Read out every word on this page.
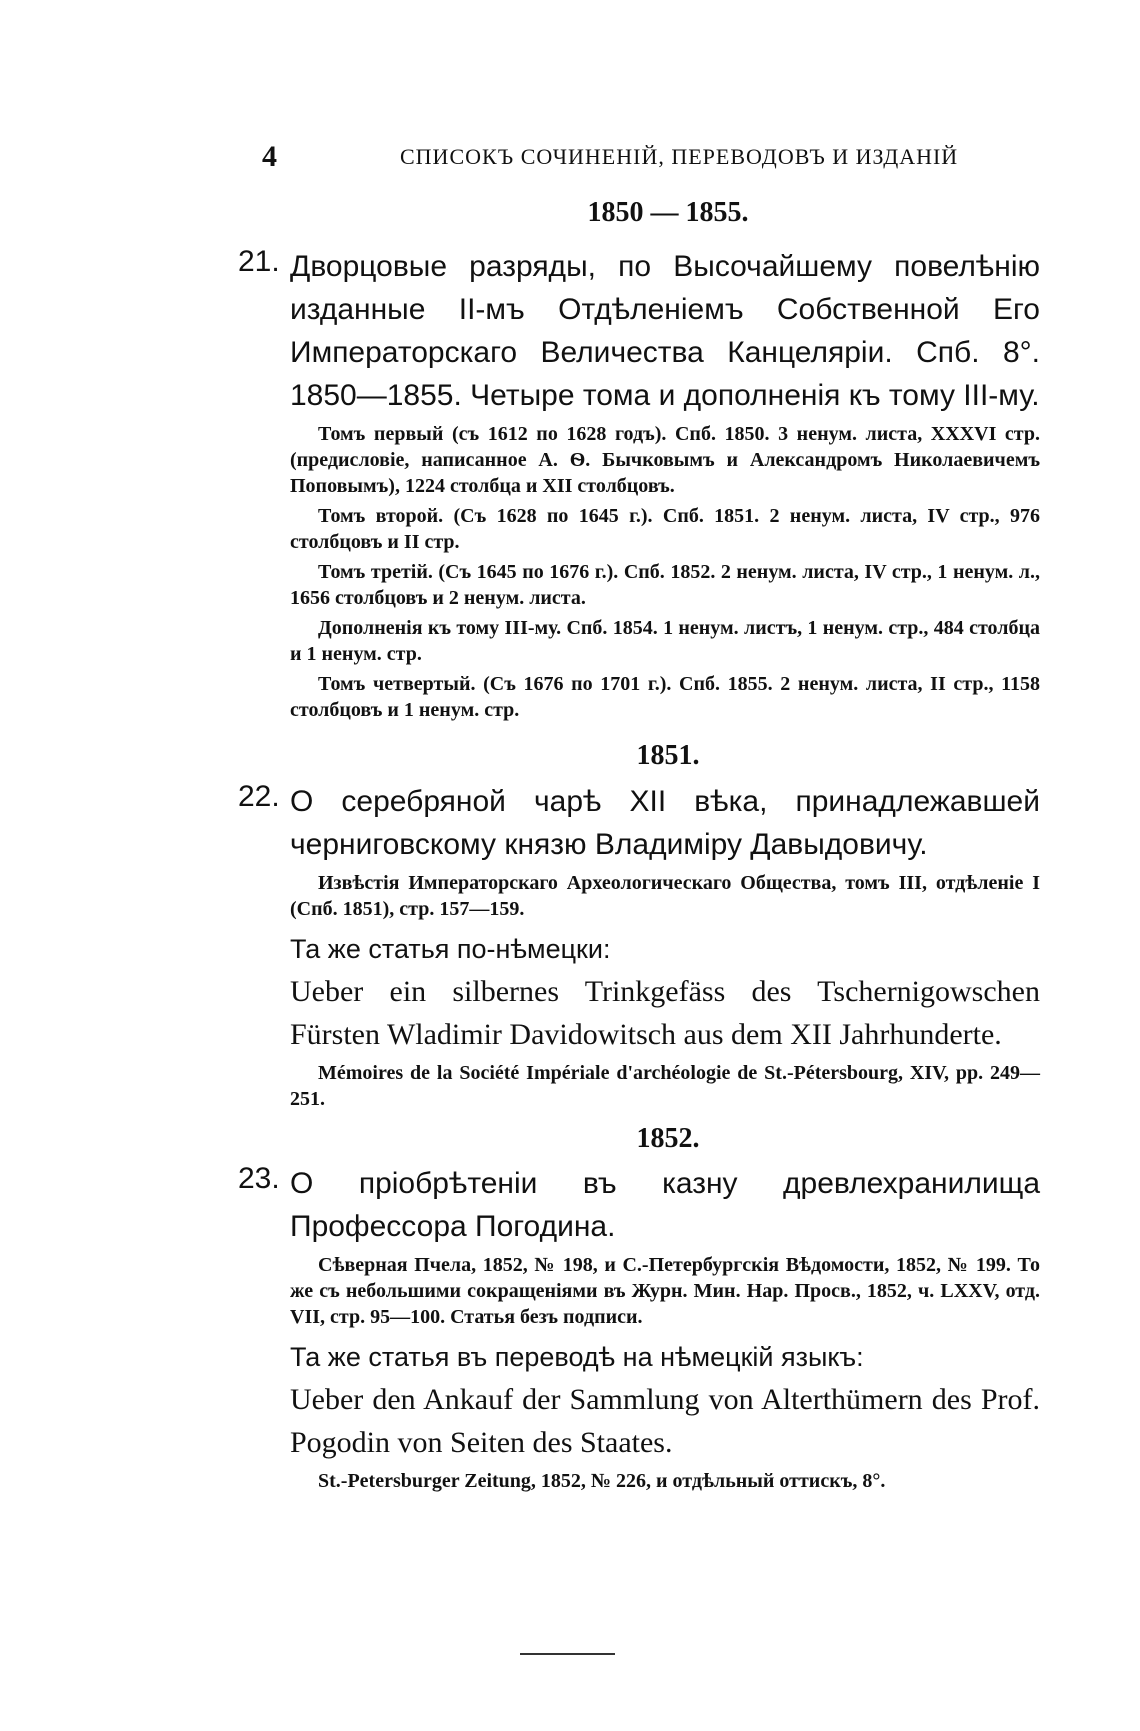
4	СПИСОКЪ СОЧИНЕНІЙ, ПЕРЕВОДОВЪ И ИЗДАНІЙ
1850 — 1855.
21. Дворцовые разряды, по Высочайшему повелѣнію изданные II-мъ Отдѣленіемъ Собственной Его Императорскаго Величества Канцеляріи. Спб. 8°. 1850—1855. Четыре тома и дополненія къ тому III-му.

Томъ первый (съ 1612 по 1628 годъ). Спб. 1850. 3 ненум. листа, XXXVI стр. (предисловіе, написанное А. Ѳ. Бычковымъ и Александромъ Николаевичемъ Поповымъ), 1224 столбца и XII столбцовъ.

Томъ второй. (Съ 1628 по 1645 г.). Спб. 1851. 2 ненум. листа, IV стр., 976 столбцовъ и II стр.

Томъ третій. (Съ 1645 по 1676 г.). Спб. 1852. 2 ненум. листа, IV стр., 1 ненум. л., 1656 столбцовъ и 2 ненум. листа.

Дополненія къ тому III-му. Спб. 1854. 1 ненум. листъ, 1 ненум. стр., 484 столбца и 1 ненум. стр.

Томъ четвертый. (Съ 1676 по 1701 г.). Спб. 1855. 2 ненум. листа, II стр., 1158 столбцовъ и 1 ненум. стр.

1851.
22. О серебряной чарѣ XII вѣка, принадлежавшей черниговскому князю Владиміру Давыдовичу.

Извѣстія Императорскаго Археологическаго Общества, томъ III, отдѣленіе I (Спб. 1851), стр. 157—159.

Та же статья по-нѣмецки:

Ueber ein silbernes Trinkgefäss des Tschernigowschen Fürsten Wladimir Davidowitsch aus dem XII Jahrhunderte.

Mémoires de la Société Impériale d'archéologie de St.-Pétersbourg, XIV, pp. 249—251.

1852.
23. О пріобрѣтеніи въ казну древлехранилища Профессора Погодина.

Сѣверная Пчела, 1852, № 198, и С.-Петербургскія Вѣдомости, 1852, № 199. То же съ небольшими сокращеніями въ Журн. Мин. Нар. Просв., 1852, ч. LXXV, отд. VII, стр. 95—100. Статья безъ подписи.

Та же статья въ переводѣ на нѣмецкій языкъ:

Ueber den Ankauf der Sammlung von Alterthümern des Prof. Pogodin von Seiten des Staates.

St.-Petersburger Zeitung, 1852, № 226, и отдѣльный оттискъ, 8°.
